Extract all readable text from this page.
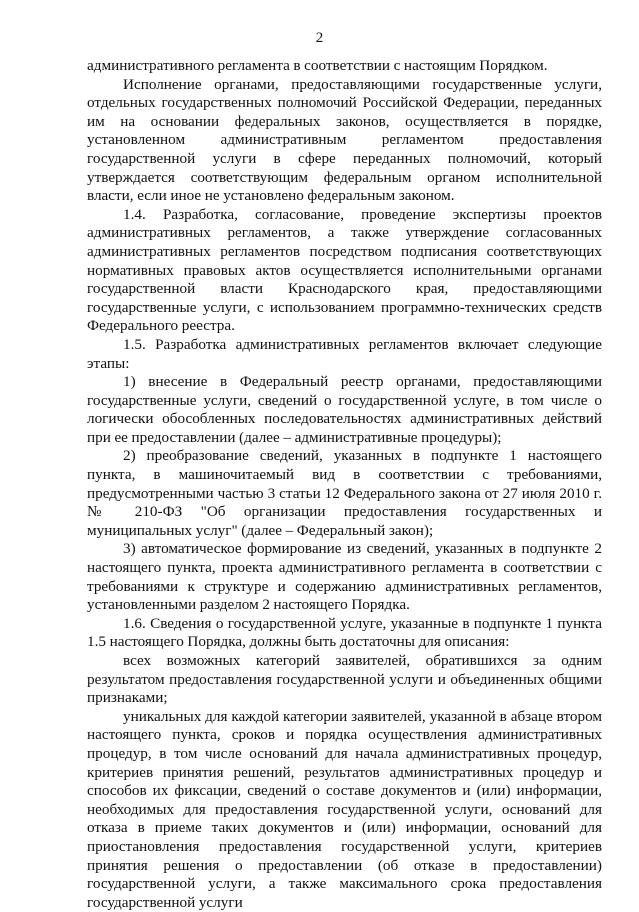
2

административного регламента в соответствии с настоящим Порядком.

Исполнение органами, предоставляющими государственные услуги, отдельных государственных полномочий Российской Федерации, переданных им на основании федеральных законов, осуществляется в порядке, установленном административным регламентом предоставления государственной услуги в сфере переданных полномочий, который утверждается соответствующим федеральным органом исполнительной власти, если иное не установлено федеральным законом.

1.4. Разработка, согласование, проведение экспертизы проектов административных регламентов, а также утверждение согласованных административных регламентов посредством подписания соответствующих нормативных правовых актов осуществляется исполнительными органами государственной власти Краснодарского края, предоставляющими государственные услуги, с использованием программно-технических средств Федерального реестра.

1.5. Разработка административных регламентов включает следующие этапы:

1) внесение в Федеральный реестр органами, предоставляющими государственные услуги, сведений о государственной услуге, в том числе о логически обособленных последовательностях административных действий при ее предоставлении (далее – административные процедуры);

2) преобразование сведений, указанных в подпункте 1 настоящего пункта, в машиночитаемый вид в соответствии с требованиями, предусмотренными частью 3 статьи 12 Федерального закона от 27 июля 2010 г. № 210-ФЗ "Об организации предоставления государственных и муниципальных услуг" (далее – Федеральный закон);

3) автоматическое формирование из сведений, указанных в подпункте 2 настоящего пункта, проекта административного регламента в соответствии с требованиями к структуре и содержанию административных регламентов, установленными разделом 2 настоящего Порядка.

1.6. Сведения о государственной услуге, указанные в подпункте 1 пункта 1.5 настоящего Порядка, должны быть достаточны для описания:

всех возможных категорий заявителей, обратившихся за одним результатом предоставления государственной услуги и объединенных общими признаками;

уникальных для каждой категории заявителей, указанной в абзаце втором настоящего пункта, сроков и порядка осуществления административных процедур, в том числе оснований для начала административных процедур, критериев принятия решений, результатов административных процедур и способов их фиксации, сведений о составе документов и (или) информации, необходимых для предоставления государственной услуги, оснований для отказа в приеме таких документов и (или) информации, оснований для приостановления предоставления государственной услуги, критериев принятия решения о предоставлении (об отказе в предоставлении) государственной услуги, а также максимального срока предоставления государственной услуги
